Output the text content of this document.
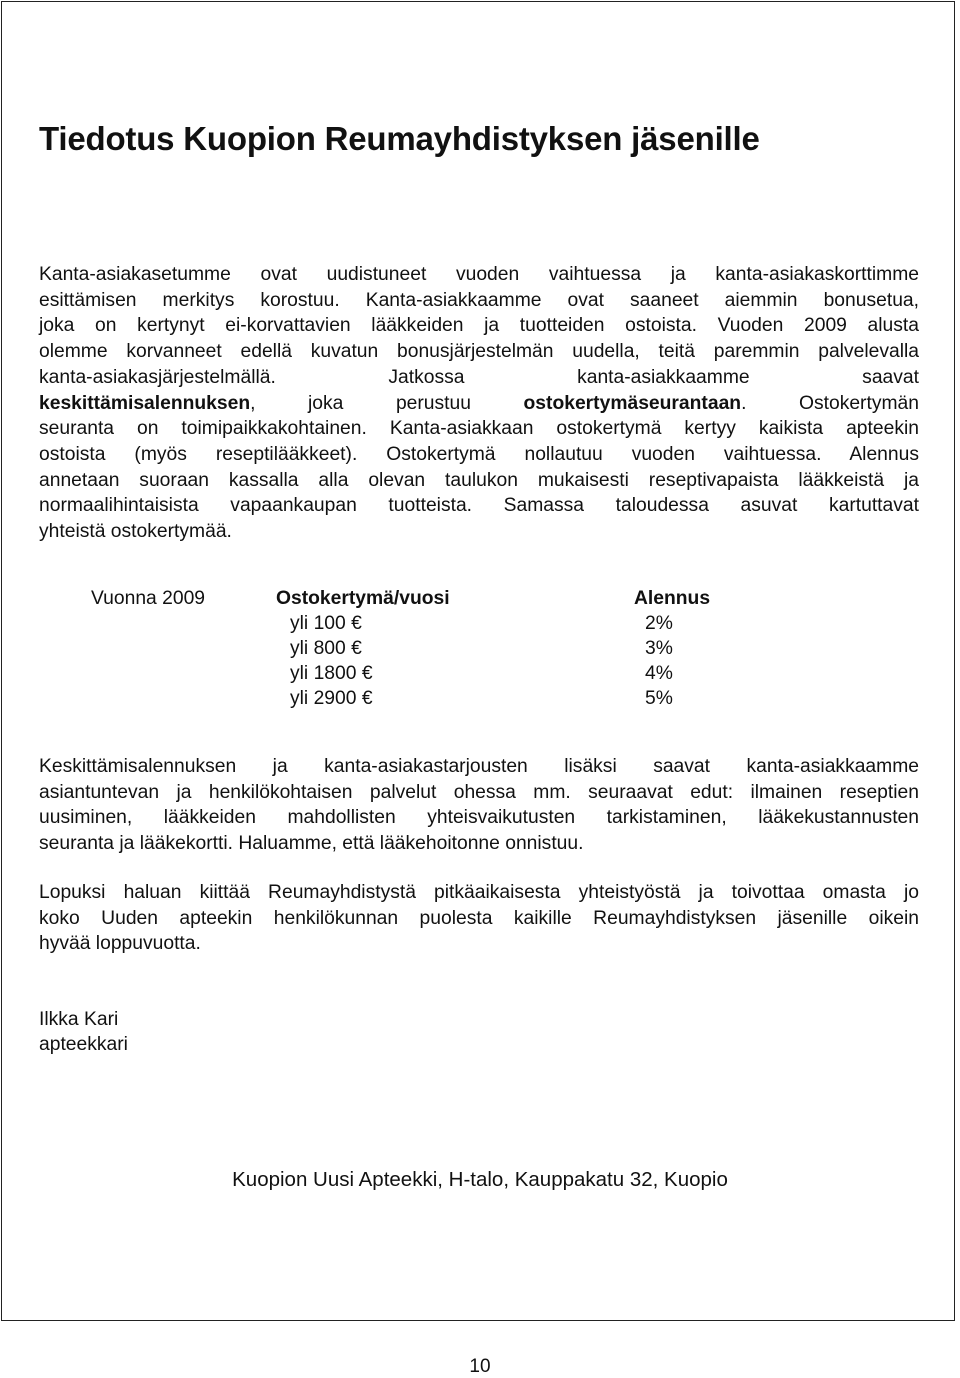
Tiedotus Kuopion Reumayhdistyksen jäsenille
Kanta-asiakasetumme ovat uudistuneet vuoden vaihtuessa ja kanta-asiakaskorttimme
esittämisen merkitys korostuu. Kanta-asiakkaamme ovat saaneet aiemmin bonusetua,
joka on kertynyt ei-korvattavien lääkkeiden ja tuotteiden ostoista. Vuoden 2009 alusta
olemme korvanneet edellä kuvatun bonusjärjestelmän uudella, teitä paremmin palvelevalla
kanta-asiakasjärjestelmällä. Jatkossa kanta-asiakkaamme saavat
keskittämisalennuksen, joka perustuu ostokertymäseurantaan. Ostokertymän
seuranta on toimipaikkakohtainen. Kanta-asiakkaan ostokertymä kertyy kaikista apteekin
ostoista (myös reseptilääkkeet). Ostokertymä nollautuu vuoden vaihtuessa. Alennus
annetaan suoraan kassalla alla olevan taulukon mukaisesti reseptivapaista lääkkeistä ja
normaalihintaisista vapaankaupan tuotteista. Samassa taloudessa asuvat kartuttavat
yhteistä ostokertymää.
Vuonna 2009	Ostokertymä/vuosi	Alennus
yli 100 €	2%
yli 800 €	3%
yli 1800 €	4%
yli 2900 €	5%
Keskittämisalennuksen ja kanta-asiakastarjousten lisäksi saavat kanta-asiakkaamme
asiantuntevan ja henkilökohtaisen palvelut ohessa mm. seuraavat edut: ilmainen reseptien
uusiminen, lääkkeiden mahdollisten yhteisvaikutusten tarkistaminen, lääkekustannusten
seuranta ja lääkekortti. Haluamme, että lääkehoitonne onnistuu.
Lopuksi haluan kiittää Reumayhdistystä pitkäaikaisesta yhteistyöstä ja toivottaa omasta jo
koko Uuden apteekin henkilökunnan puolesta kaikille Reumayhdistyksen jäsenille oikein
hyvää loppuvuotta.

Ilkka Kari

apteekkari

Kuopion Uusi Apteekki, H-talo, Kauppakatu 32, Kuopio
10
